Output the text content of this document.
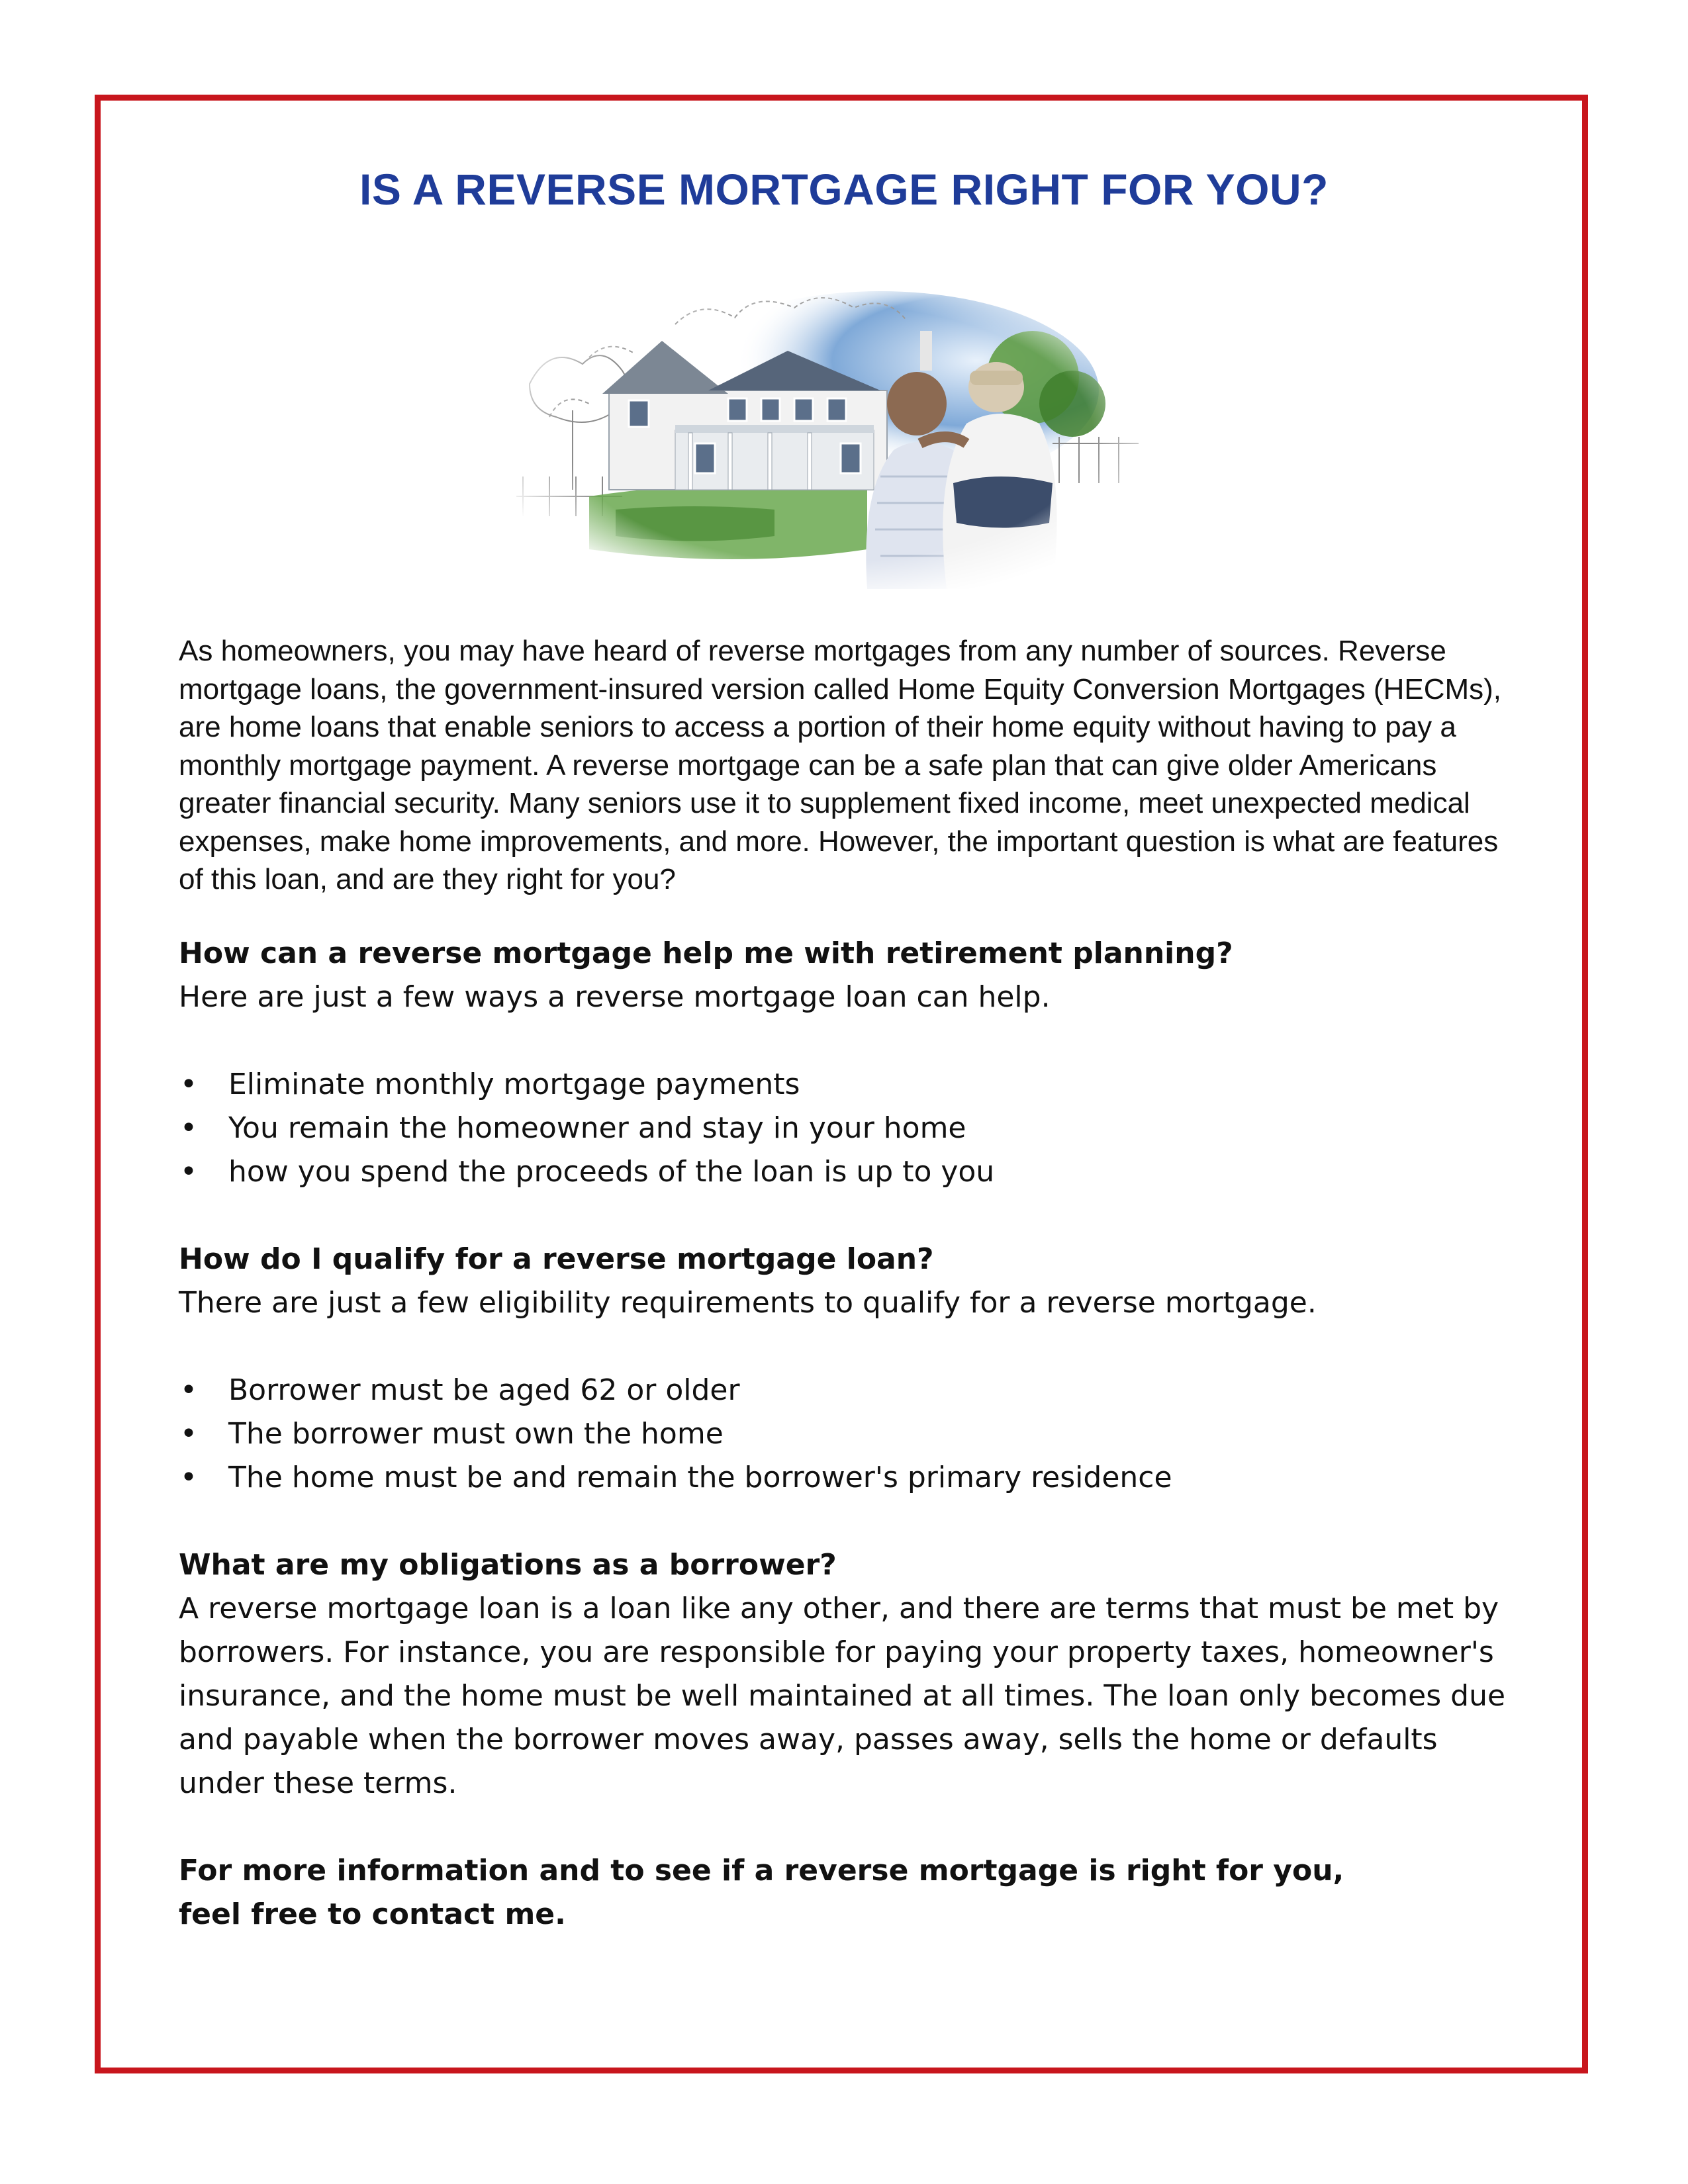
IS A REVERSE MORTGAGE RIGHT FOR YOU?

As homeowners, you may have heard of reverse mortgages from any number of sources. Reverse mortgage loans, the government-insured version called Home Equity Conversion Mortgages (HECMs), are home loans that enable seniors to access a portion of their home equity without having to pay a monthly mortgage payment. A reverse mortgage can be a safe plan that can give older Americans greater financial security. Many seniors use it to supplement fixed income, meet unexpected medical expenses, make home improvements, and more. However, the important question is what are features of this loan, and are they right for you?

How can a reverse mortgage help me with retirement planning?

Here are just a few ways a reverse mortgage loan can help.

• Eliminate monthly mortgage payments
• You remain the homeowner and stay in your home
• how you spend the proceeds of the loan is up to you
How do I qualify for a reverse mortgage loan?

There are just a few eligibility requirements to qualify for a reverse mortgage.

• Borrower must be aged 62 or older
• The borrower must own the home
• The home must be and remain the borrower's primary residence
What are my obligations as a borrower?

A reverse mortgage loan is a loan like any other, and there are terms that must be met by borrowers. For instance, you are responsible for paying your property taxes, homeowner's insurance, and the home must be well maintained at all times. The loan only becomes due and payable when the borrower moves away, passes away, sells the home or defaults under these terms.

For more information and to see if a reverse mortgage is right for you,
feel free to contact me.
